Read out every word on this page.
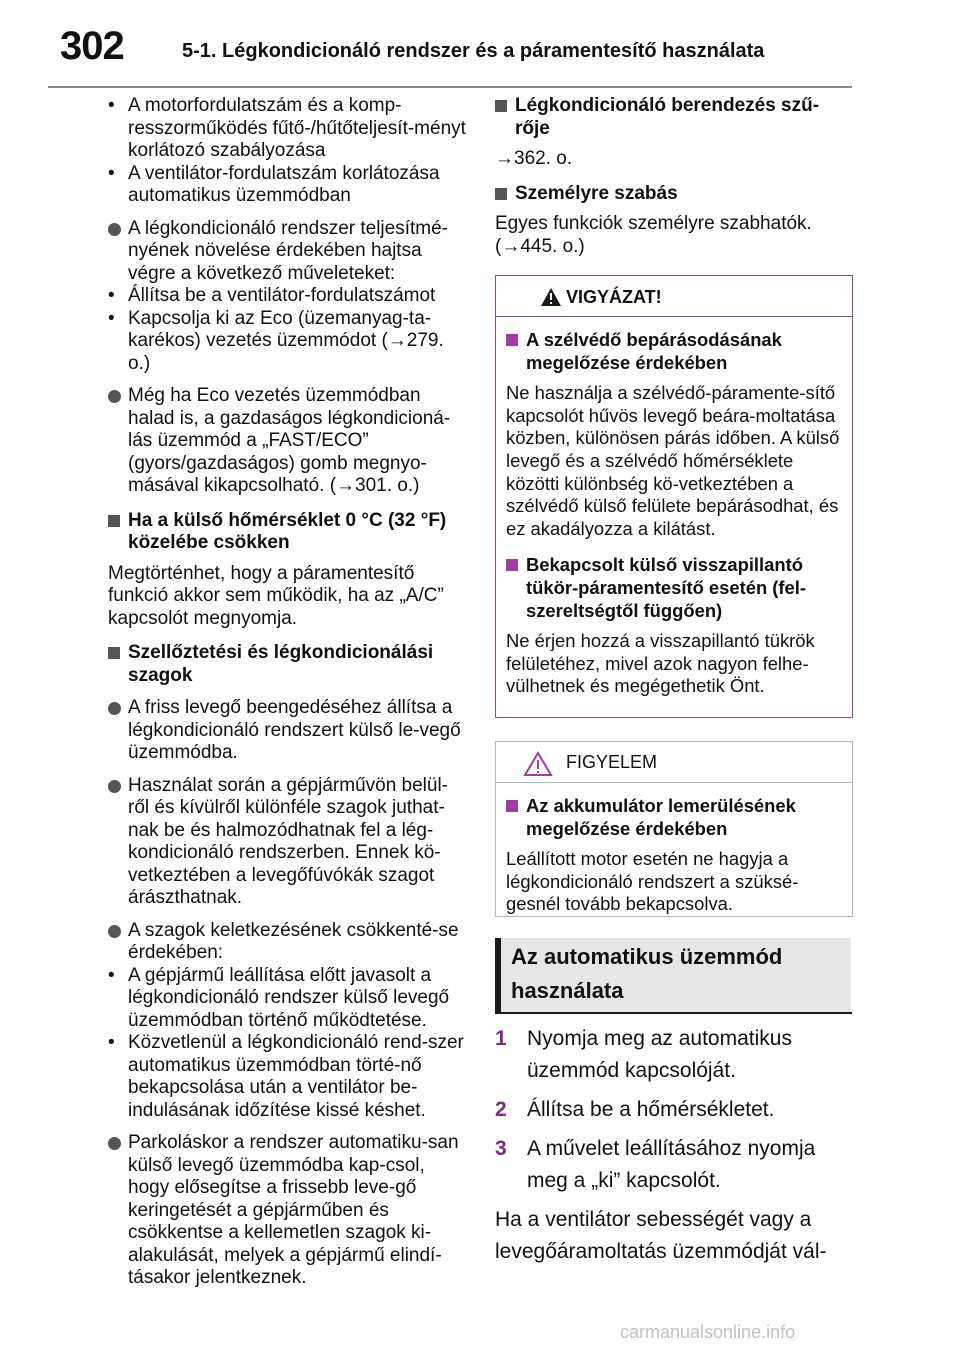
302	5-1. Légkondicionáló rendszer és a páramentesítő használata
• A motorfordulatszám és a komp-resszorműködés fűtő-/hűtőteljesít-ményt korlátozó szabályozása
• A ventilátor-fordulatszám korlátozása automatikus üzemmódban
A légkondicionáló rendszer teljesítmé-nyének növelése érdekében hajtsa végre a következő műveleteket:
• Állítsa be a ventilátor-fordulatszámot
• Kapcsolja ki az Eco (üzemanyag-ta-karékos) vezetés üzemmódot (→279. o.)
Még ha Eco vezetés üzemmódban halad is, a gazdaságos légkondicioná-lás üzemmód a „FAST/ECO” (gyors/gazdaságos) gomb megnyo-másával kikapcsolható. (→301. o.)
Ha a külső hőmérséklet 0 °C (32 °F) közelébe csökken
Megtörténhet, hogy a páramentesítő funkció akkor sem működik, ha az „A/C” kapcsolót megnyomja.
Szellőztetési és légkondicionálási szagok
A friss levegő beengedéséhez állítsa a légkondicionáló rendszert külső le-vegő üzemmódba.
Használat során a gépjárművön belül-ről és kívülről különféle szagok juthat-nak be és halmozódhatnak fel a lég-kondicionáló rendszerben. Ennek kö-vetkeztében a levegőfúvókák szagot árászthatnak.
A szagok keletkezésének csökkenté-se érdekében:
• A gépjármű leállítása előtt javasolt a légkondicionáló rendszer külső levegő üzemmódban történő működtetése.
• Közvetlenül a légkondicionáló rend-szer automatikus üzemmódban törté-nő bekapcsolása után a ventilátor be-indulásának időzítése kissé késhet.
Parkoláskor a rendszer automatiku-san külső levegő üzemmódba kap-csol, hogy elősegítse a frissebb leve-gő keringetését a gépjárműben és csökkentse a kellemetlen szagok ki-alakulását, melyek a gépjármű elindí-tásakor jelentkeznek.
Légkondicionáló berendezés szű-rője
→362. o.
Személyre szabás
Egyes funkciók személyre szabhatók. (→445. o.)
VIGYÁZAT!
A szélvédő bepárásodásának megelőzése érdekében
Ne használja a szélvédő-páramente-sítő kapcsolót hűvös levegő beára-moltatása közben, különösen párás időben. A külső levegő és a szélvédő hőmérséklete közötti különbség kö-vetkeztében a szélvédő külső felülete bepárásodhat, és ez akadályozza a kilátást.
Bekapcsolt külső visszapillantó tükör-páramentesítő esetén (fel-szereltségtől függően)
Ne érjen hozzá a visszapillantó tükrök felületéhez, mivel azok nagyon felhe-vülhetnek és megégethetik Önt.
FIGYELEM
Az akkumulátor lemerülésének megelőzése érdekében
Leállított motor esetén ne hagyja a légkondicionáló rendszert a szüksé-gesnél tovább bekapcsolva.
Az automatikus üzemmód használata
1 Nyomja meg az automatikus üzemmód kapcsolóját.
2 Állítsa be a hőmérsékletet.
3 A művelet leállításához nyomja meg a „ki” kapcsolót.
Ha a ventilátor sebességét vagy a levegőáramoltatás üzemmódját vál-
carmanualsonline.info
